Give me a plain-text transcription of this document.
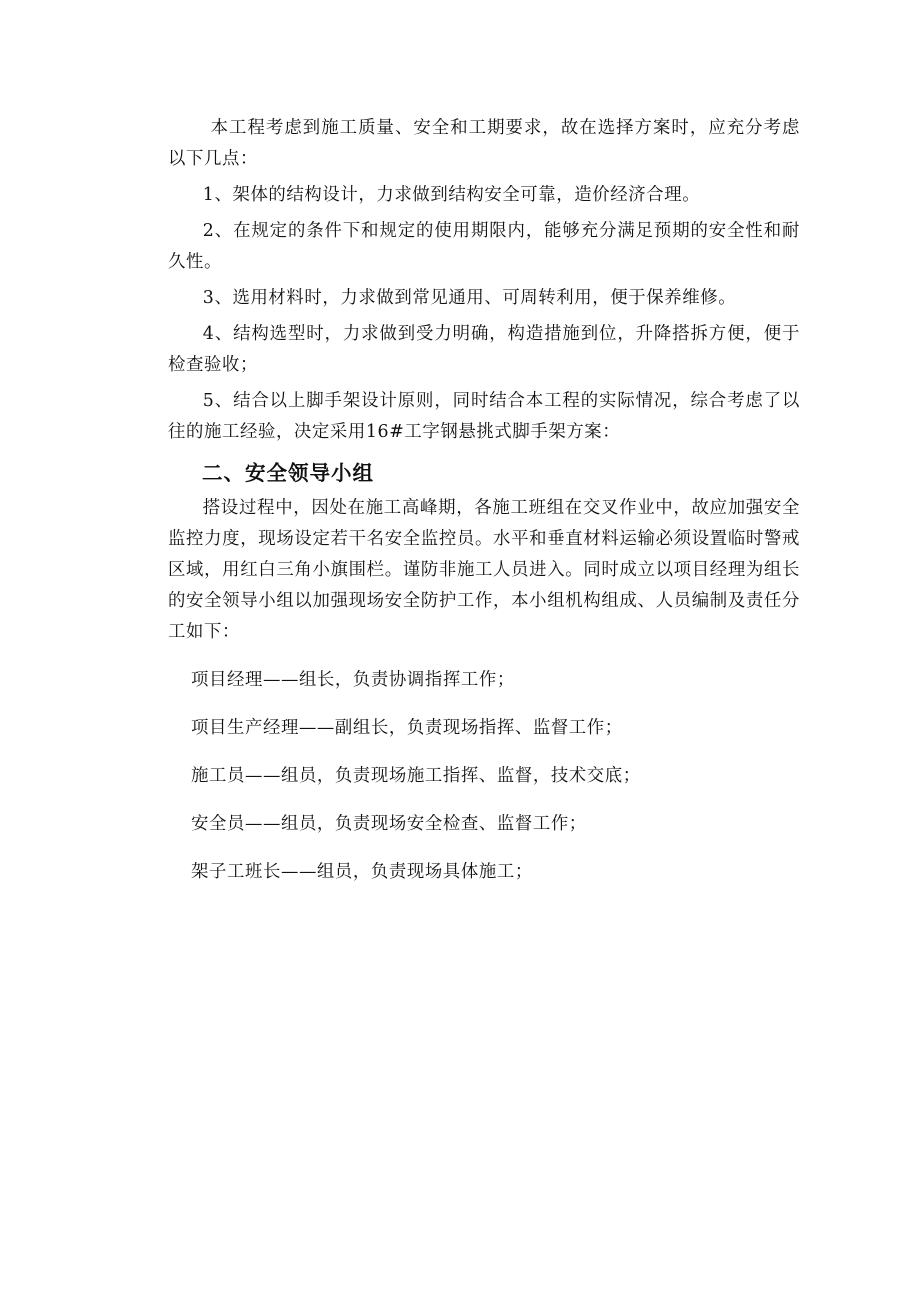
本工程考虑到施工质量、安全和工期要求，故在选择方案时，应充分考虑以下几点：

1、架体的结构设计，力求做到结构安全可靠，造价经济合理。

2、在规定的条件下和规定的使用期限内，能够充分满足预期的安全性和耐久性。

3、选用材料时，力求做到常见通用、可周转利用，便于保养维修。

4、结构选型时，力求做到受力明确，构造措施到位，升降搭拆方便，便于检查验收；

5、结合以上脚手架设计原则，同时结合本工程的实际情况，综合考虑了以往的施工经验，决定采用16#工字钢悬挑式脚手架方案：

二、安全领导小组

搭设过程中，因处在施工高峰期，各施工班组在交叉作业中，故应加强安全监控力度，现场设定若干名安全监控员。水平和垂直材料运输必须设置临时警戒区域，用红白三角小旗围栏。谨防非施工人员进入。同时成立以项目经理为组长的安全领导小组以加强现场安全防护工作，本小组机构组成、人员编制及责任分工如下：

项目经理——组长，负责协调指挥工作；

项目生产经理——副组长，负责现场指挥、监督工作；

施工员——组员，负责现场施工指挥、监督，技术交底；

安全员——组员，负责现场安全检查、监督工作；

架子工班长——组员，负责现场具体施工；
